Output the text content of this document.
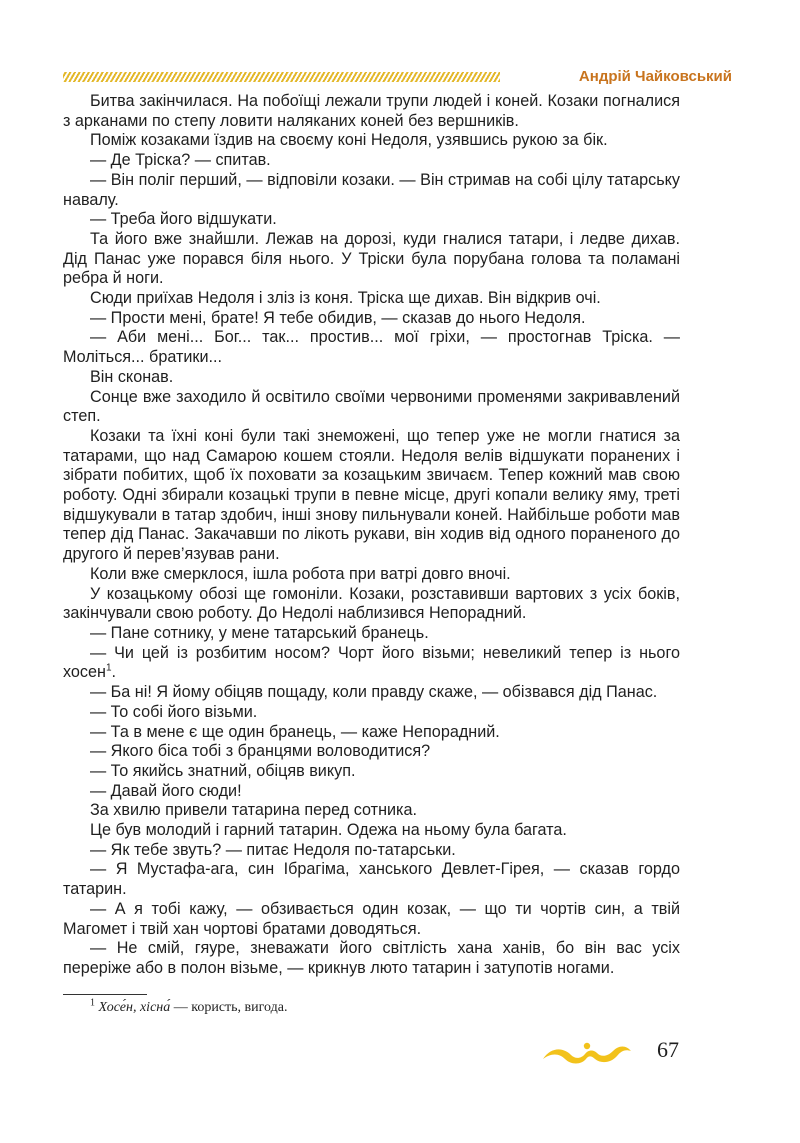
Андрій Чайковський

Битва закінчилася. На побоїщі лежали трупи людей і коней. Козаки погналися з арканами по степу ловити наляканих коней без вершників.

Поміж козаками їздив на своєму коні Недоля, узявшись рукою за бік.

— Де Тріска? — спитав.

— Він поліг перший, — відповіли козаки. — Він стримав на собі цілу татарську навалу.

— Треба його відшукати.

Та його вже знайшли. Лежав на дорозі, куди гналися татари, і ледве дихав. Дід Панас уже порався біля нього. У Тріски була порубана голова та поламані ребра й ноги.

Сюди приїхав Недоля і зліз із коня. Тріска ще дихав. Він відкрив очі.

— Прости мені, брате! Я тебе обидив, — сказав до нього Недоля.

— Аби мені... Бог... так... простив... мої гріхи, — простогнав Тріска. — Моліться... братики...

Він сконав.

Сонце вже заходило й освітило своїми червоними променями закривавлений степ.

Козаки та їхні коні були такі знеможені, що тепер уже не могли гнатися за татарами, що над Самарою кошем стояли. Недоля велів відшукати поранених і зібрати побитих, щоб їх поховати за козацьким звичаєм. Тепер кожний мав свою роботу. Одні збирали козацькі трупи в певне місце, другі копали велику яму, треті відшукували в татар здобич, інші знову пильнували коней. Найбільше роботи мав тепер дід Панас. Закачавши по лікоть рукави, він ходив від одного пораненого до другого й перев’язував рани.

Коли вже смерклося, ішла робота при ватрі довго вночі.

У козацькому обозі ще гомоніли. Козаки, розставивши вартових з усіх боків, закінчували свою роботу. До Недолі наблизився Непорадний.

— Пане сотнику, у мене татарський бранець.

— Чи цей із розбитим носом? Чорт його візьми; невеликий тепер із нього хосен$^1$.

— Ба ні! Я йому обіцяв пощаду, коли правду скаже, — обізвався дід Панас.

— То собі його візьми.

— Та в мене є ще один бранець, — каже Непорадний.

— Якого біса тобі з бранцями воловодитися?

— То якийсь знатний, обіцяв викуп.

— Давай його сюди!

За хвилю привели татарина перед сотника.

Це був молодий і гарний татарин. Одежа на ньому була багата.

— Як тебе звуть? — питає Недоля по-татарськи.

— Я Мустафа-ага, син Ібрагіма, ханського Девлет-Гірея, — сказав гордо татарин.

— А я тобі кажу, — обзивається один козак, — що ти чортів син, а твій Магомет і твій хан чортові братами доводяться.

— Не смій, гяуре, зневажати його світлість хана ханів, бо він вас усіх переріже або в полон візьме, — крикнув люто татарин і затупотів ногами.

$^1$ Хосе́н, хісна́ — користь, вигода.
67
